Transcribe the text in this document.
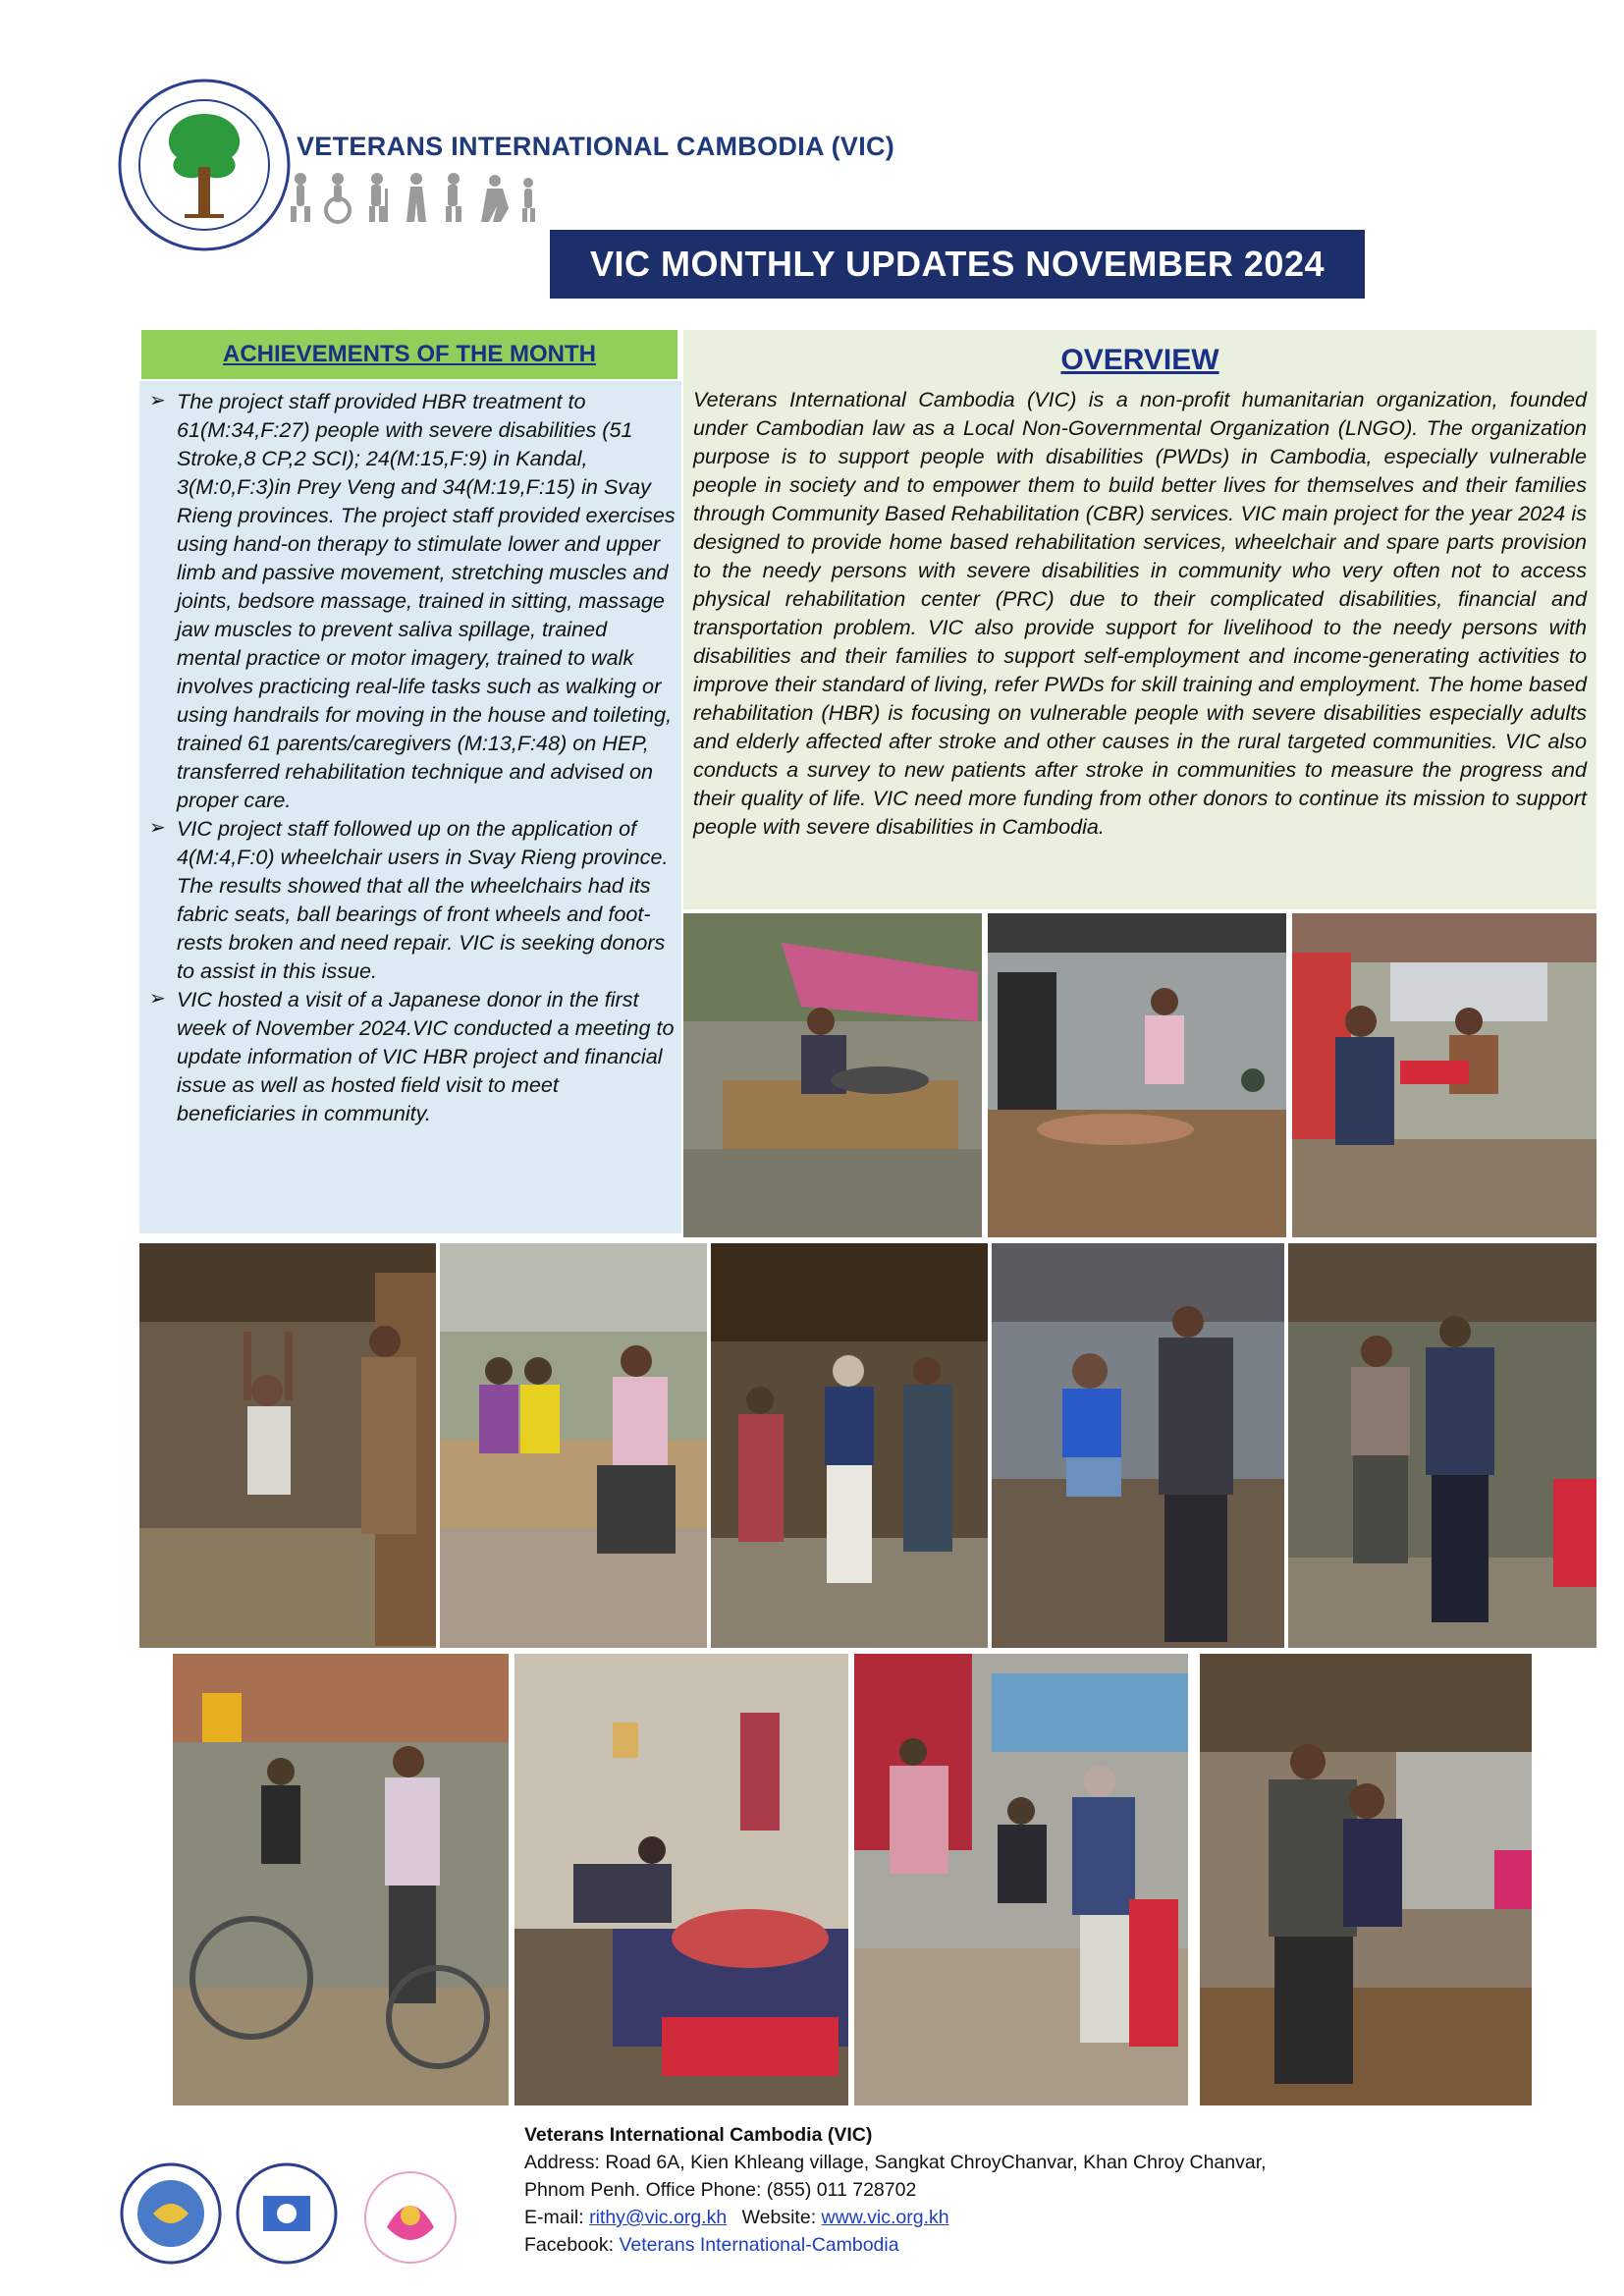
VETERANS INTERNATIONAL CAMBODIA (VIC)
VIC MONTHLY UPDATES NOVEMBER 2024
ACHIEVEMENTS OF THE MONTH
➢ The project staff provided HBR treatment to 61(M:34,F:27) people with severe disabilities (51 Stroke,8 CP,2 SCI); 24(M:15,F:9) in Kandal, 3(M:0,F:3)in Prey Veng and 34(M:19,F:15) in Svay Rieng provinces. The project staff provided exercises using hand-on therapy to stimulate lower and upper limb and passive movement, stretching muscles and joints, bedsore massage, trained in sitting, massage jaw muscles to prevent saliva spillage, trained mental practice or motor imagery, trained to walk involves practicing real-life tasks such as walking or using handrails for moving in the house and toileting, trained 61 parents/caregivers (M:13,F:48) on HEP, transferred rehabilitation technique and advised on proper care.
➢ VIC project staff followed up on the application of 4(M:4,F:0) wheelchair users in Svay Rieng province. The results showed that all the wheelchairs had its fabric seats, ball bearings of front wheels and foot-rests broken and need repair. VIC is seeking donors to assist in this issue.
➢ VIC hosted a visit of a Japanese donor in the first week of November 2024.VIC conducted a meeting to update information of VIC HBR project and financial issue as well as hosted field visit to meet beneficiaries in community.
OVERVIEW
Veterans International Cambodia (VIC) is a non-profit humanitarian organization, founded under Cambodian law as a Local Non-Governmental Organization (LNGO). The organization purpose is to support people with disabilities (PWDs) in Cambodia, especially vulnerable people in society and to empower them to build better lives for themselves and their families through Community Based Rehabilitation (CBR) services. VIC main project for the year 2024 is designed to provide home based rehabilitation services, wheelchair and spare parts provision to the needy persons with severe disabilities in community who very often not to access physical rehabilitation center (PRC) due to their complicated disabilities, financial and transportation problem. VIC also provide support for livelihood to the needy persons with disabilities and their families to support self-employment and income-generating activities to improve their standard of living, refer PWDs for skill training and employment. The home based rehabilitation (HBR) is focusing on vulnerable people with severe disabilities especially adults and elderly affected after stroke and other causes in the rural targeted communities. VIC also conducts a survey to new patients after stroke in communities to measure the progress and their quality of life. VIC need more funding from other donors to continue its mission to support people with severe disabilities in Cambodia.
Veterans International Cambodia (VIC)
Address: Road 6A, Kien Khleang village, Sangkat ChroyChanvar, Khan Chroy Chanvar,
Phnom Penh. Office Phone: (855) 011 728702
E-mail: rithy@vic.org.kh Website: www.vic.org.kh
Facebook: Veterans International-Cambodia
